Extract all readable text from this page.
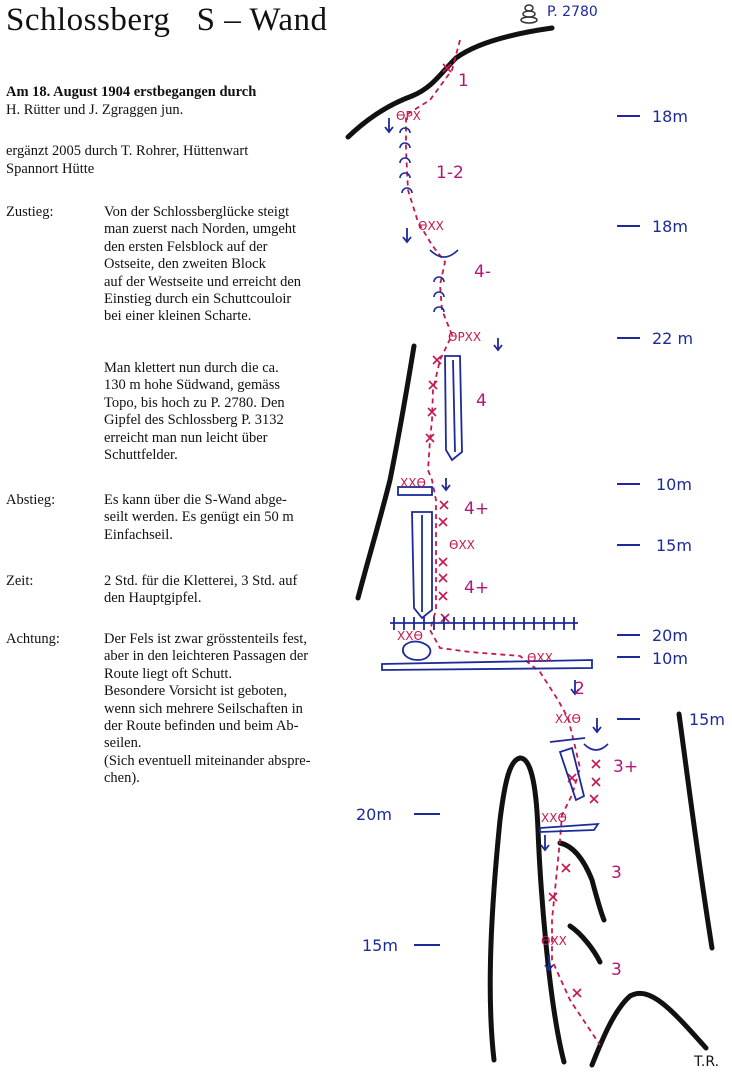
Schlossberg   S – Wand
Am 18. August 1904 erstbegangen durch
H. Rütter und J. Zgraggen jun.
ergänzt 2005 durch T. Rohrer, Hüttenwart
Spannort Hütte
Zustieg:	Von der Schlossberglücke steigt
man zuerst nach Norden, umgeht
den ersten Felsblock auf der
Ostseite, den zweiten Block
auf der Westseite und erreicht den
Einstieg durch ein Schuttcouloir
bei einer kleinen Scharte.
Man klettert nun durch die ca.
130 m hohe Südwand, gemäss
Topo, bis hoch zu P. 2780. Den
Gipfel des Schlossberg P. 3132
erreicht man nun leicht über
Schuttfelder.
Abstieg:	Es kann über die S-Wand abge-
seilt werden. Es genügt ein 50 m
Einfachseil.
Zeit:	2 Std. für die Kletterei, 3 Std. auf
den Hauptgipfel.
Achtung:	Der Fels ist zwar grösstenteils fest,
aber in den leichteren Passagen der
Route liegt oft Schutt.
Besondere Vorsicht ist geboten,
wenn sich mehrere Seilschaften in
der Route befinden und beim Ab-
seilen.
(Sich eventuell miteinander abspre-
chen).
P. 2780
1
1-2
4-
4
4+
4+
2
3+
3
3
18m
18m
22 m
10m
15m
20m
10m
15m
20m
15m
ϴPX
ϴXX
ϴPXX
XXϴ
ϴXX
XXϴ
ϴXX
XXϴ
XXϴ
ϴXX
T.R.
